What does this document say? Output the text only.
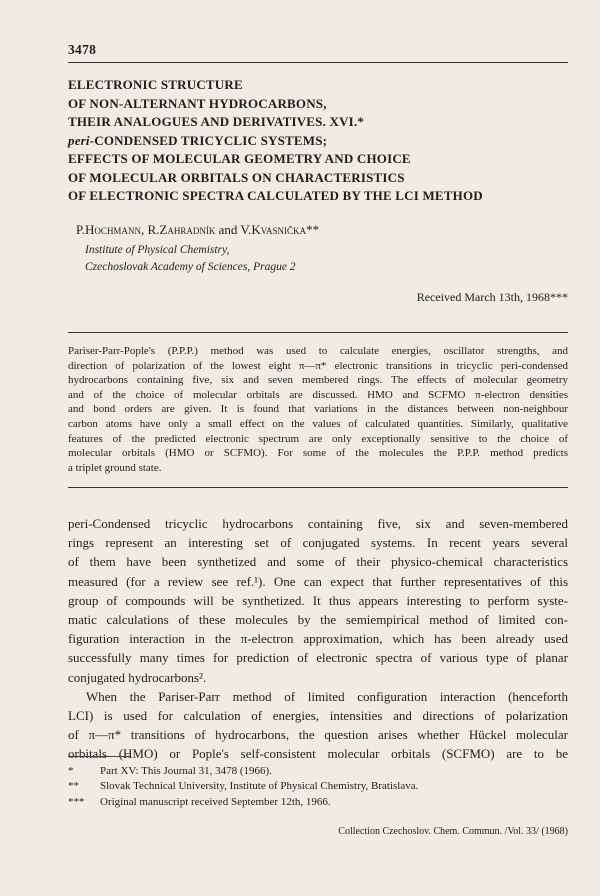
3478
ELECTRONIC STRUCTURE
OF NON-ALTERNANT HYDROCARBONS,
THEIR ANALOGUES AND DERIVATIVES. XVI.*
peri-CONDENSED TRICYCLIC SYSTEMS;
EFFECTS OF MOLECULAR GEOMETRY AND CHOICE
OF MOLECULAR ORBITALS ON CHARACTERISTICS
OF ELECTRONIC SPECTRA CALCULATED BY THE LCI METHOD
P.Hochmann, R.Zahradník and V.Kvasnička**
Institute of Physical Chemistry,
Czechoslovak Academy of Sciences, Prague 2
Received March 13th, 1968***
Pariser-Parr-Pople's (P.P.P.) method was used to calculate energies, oscillator strengths, and
direction of polarization of the lowest eight π—π* electronic transitions in tricyclic peri-condensed
hydrocarbons containing five, six and seven membered rings. The effects of molecular geometry
and of the choice of molecular orbitals are discussed. HMO and SCFMO π-electron densities
and bond orders are given. It is found that variations in the distances between non-neighbour
carbon atoms have only a small effect on the values of calculated quantities. Similarly, qualitative
features of the predicted electronic spectrum are only exceptionally sensitive to the choice of
molecular orbitals (HMO or SCFMO). For some of the molecules the P.P.P. method predicts
a triplet ground state.
peri-Condensed tricyclic hydrocarbons containing five, six and seven-membered
rings represent an interesting set of conjugated systems. In recent years several
of them have been synthetized and some of their physico-chemical characteristics
measured (for a review see ref.¹). One can expect that further representatives of this
group of compounds will be synthetized. It thus appears interesting to perform syste-
matic calculations of these molecules by the semiempirical method of limited con-
figuration interaction in the π-electron approximation, which has been already used
successfully many times for prediction of electronic spectra of various type of planar
conjugated hydrocarbons².
When the Pariser-Parr method of limited configuration interaction (henceforth
LCI) is used for calculation of energies, intensities and directions of polarization
of π—π* transitions of hydrocarbons, the question arises whether Hückel molecular
orbitals (HMO) or Pople's self-consistent molecular orbitals (SCFMO) are to be
*	Part XV: This Journal 31, 3478 (1966).
**	Slovak Technical University, Institute of Physical Chemistry, Bratislava.
***	Original manuscript received September 12th, 1966.
Collection Czechoslov. Chem. Commun. /Vol. 33/ (1968)
